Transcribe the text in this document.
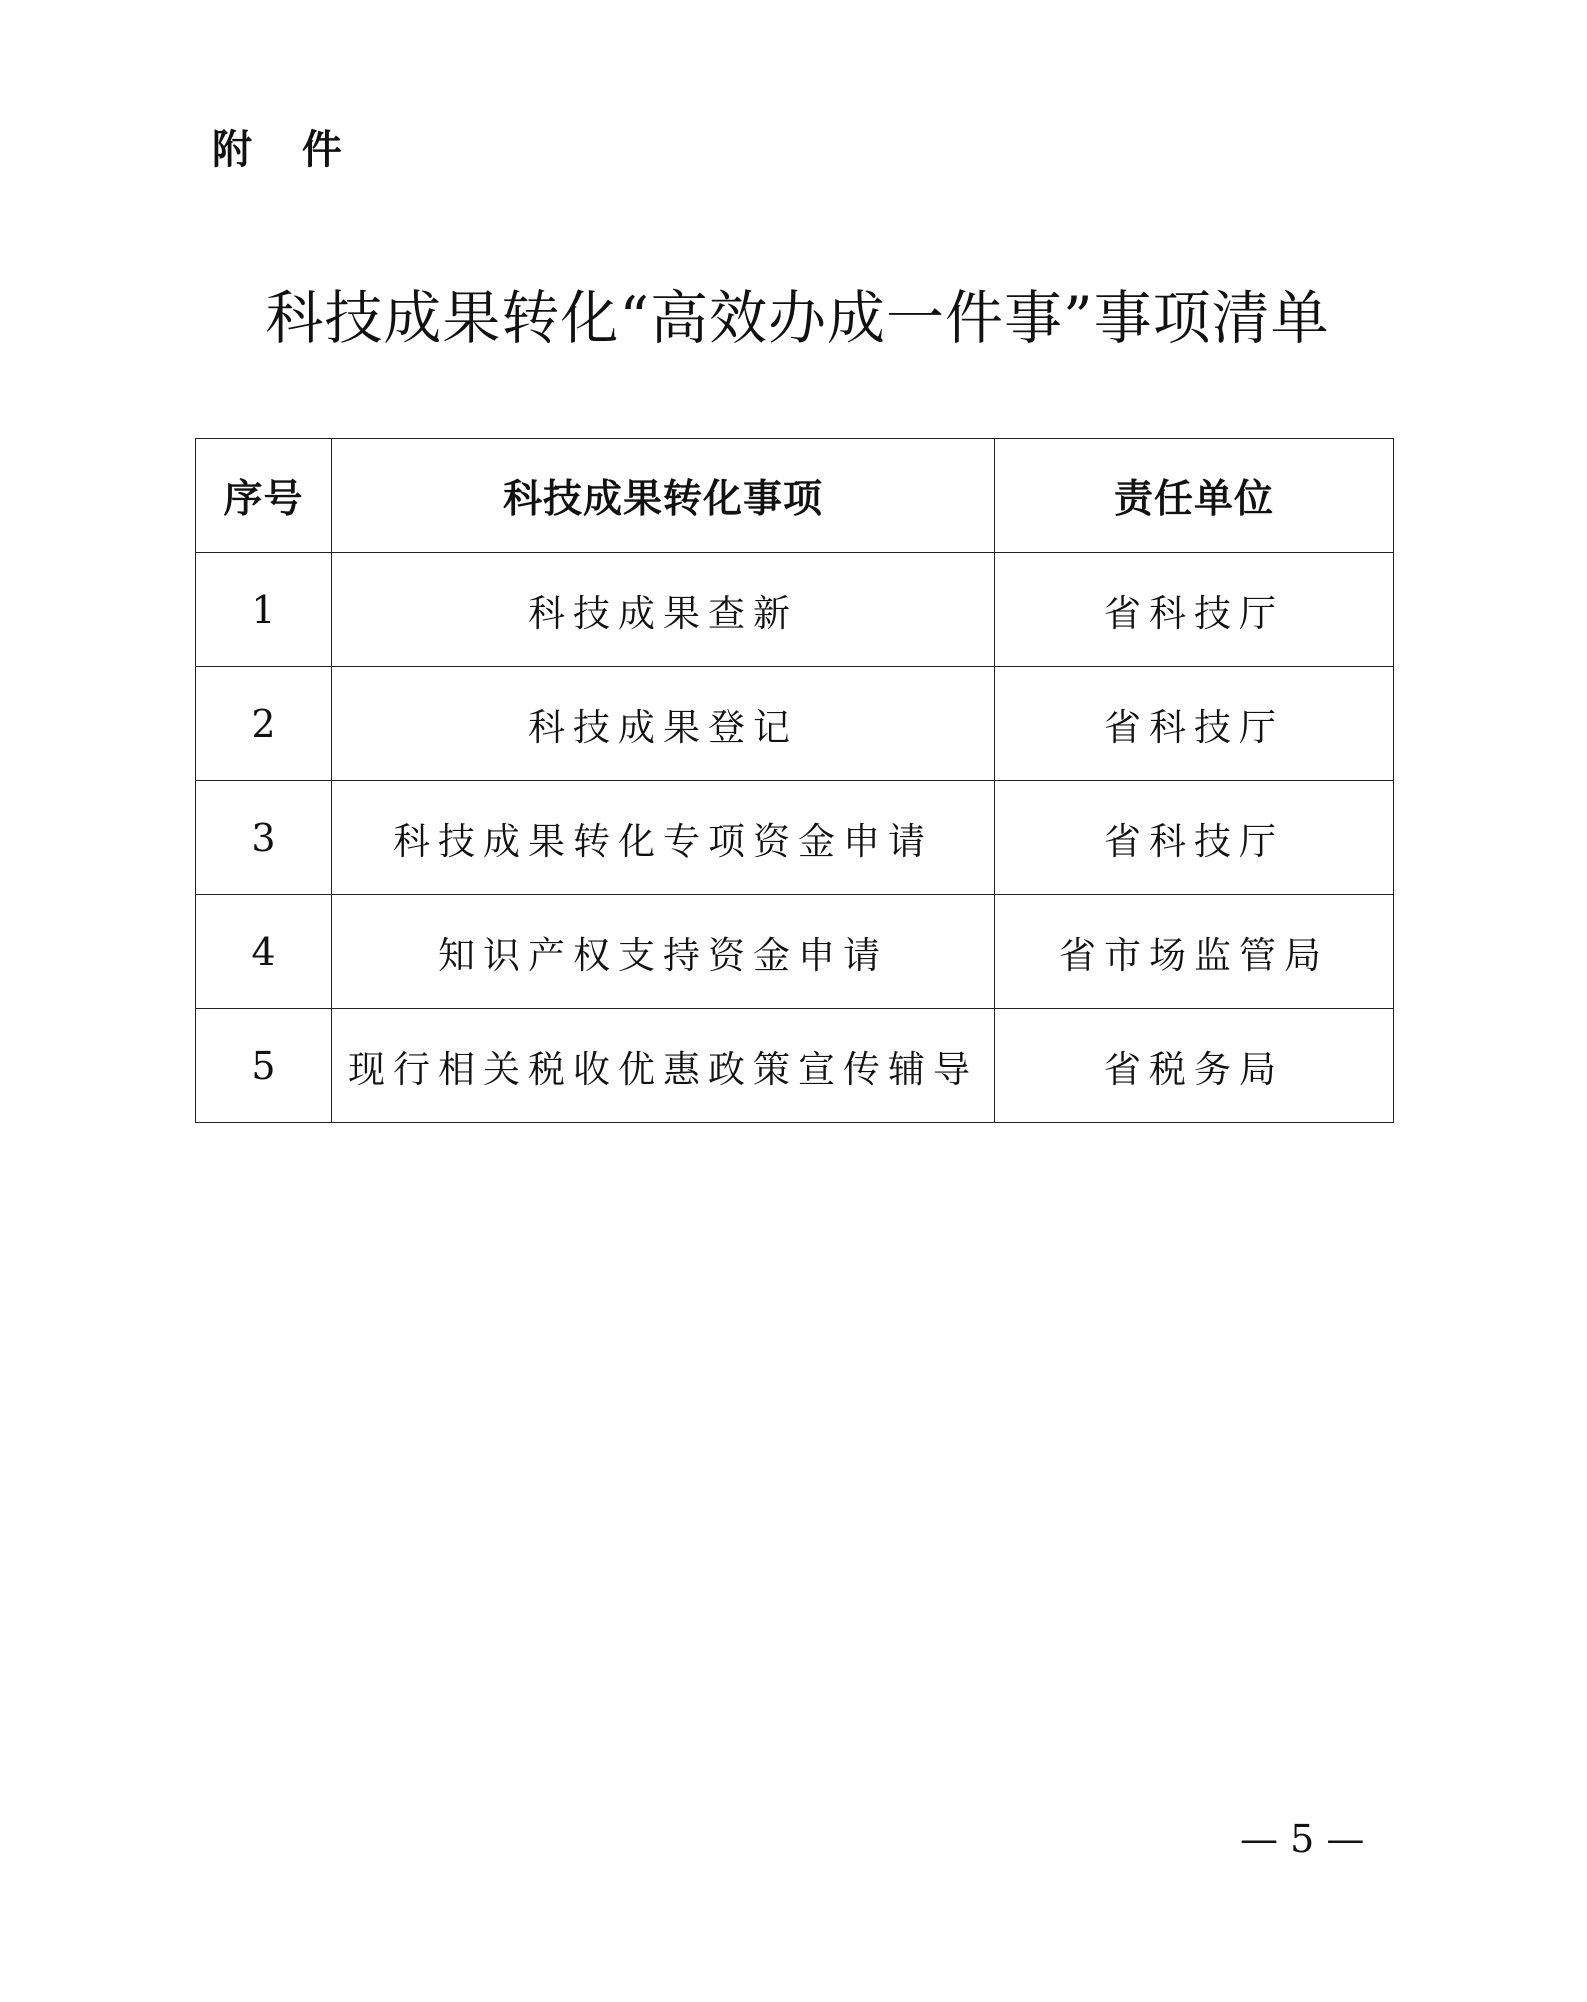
附 件
科技成果转化“高效办成一件事”事项清单
序号	科技成果转化事项	责任单位
1	科技成果查新	省科技厅
2	科技成果登记	省科技厅
3	科技成果转化专项资金申请	省科技厅
4	知识产权支持资金申请	省市场监管局
5	现行相关税收优惠政策宣传辅导	省税务局
— 5 —
